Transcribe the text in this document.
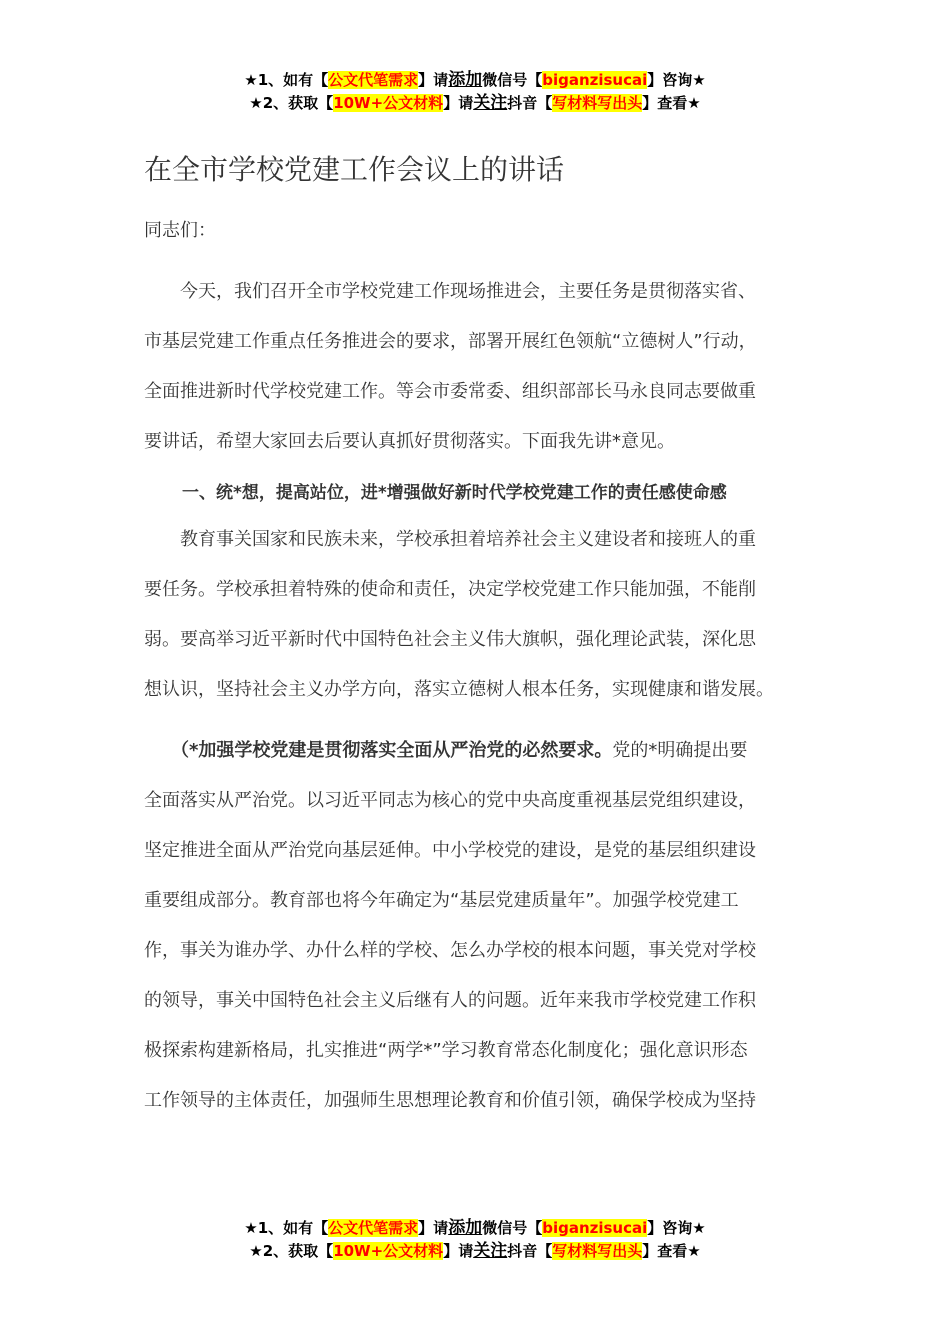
★1、如有【公文代笔需求】请添加微信号【biganzisucai】咨询★
★2、获取【10W+公文材料】请关注抖音【写材料写出头】查看★
在全市学校党建工作会议上的讲话
同志们：
　　今天，我们召开全市学校党建工作现场推进会，主要任务是贯彻落实省、
市基层党建工作重点任务推进会的要求，部署开展红色领航“立德树人”行动，
全面推进新时代学校党建工作。等会市委常委、组织部部长马永良同志要做重
要讲话，希望大家回去后要认真抓好贯彻落实。下面我先讲*意见。
一、统*想，提高站位，进*增强做好新时代学校党建工作的责任感使命感
　　教育事关国家和民族未来，学校承担着培养社会主义建设者和接班人的重
要任务。学校承担着特殊的使命和责任，决定学校党建工作只能加强，不能削
弱。要高举习近平新时代中国特色社会主义伟大旗帜，强化理论武装，深化思
想认识，坚持社会主义办学方向，落实立德树人根本任务，实现健康和谐发展。
　　（*加强学校党建是贯彻落实全面从严治党的必然要求。党的*明确提出要
全面落实从严治党。以习近平同志为核心的党中央高度重视基层党组织建设，
坚定推进全面从严治党向基层延伸。中小学校党的建设，是党的基层组织建设
重要组成部分。教育部也将今年确定为“基层党建质量年”。加强学校党建工
作，事关为谁办学、办什么样的学校、怎么办学校的根本问题，事关党对学校
的领导，事关中国特色社会主义后继有人的问题。近年来我市学校党建工作积
极探索构建新格局，扎实推进“两学*”学习教育常态化制度化；强化意识形态
工作领导的主体责任，加强师生思想理论教育和价值引领，确保学校成为坚持
★1、如有【公文代笔需求】请添加微信号【biganzisucai】咨询★
★2、获取【10W+公文材料】请关注抖音【写材料写出头】查看★
